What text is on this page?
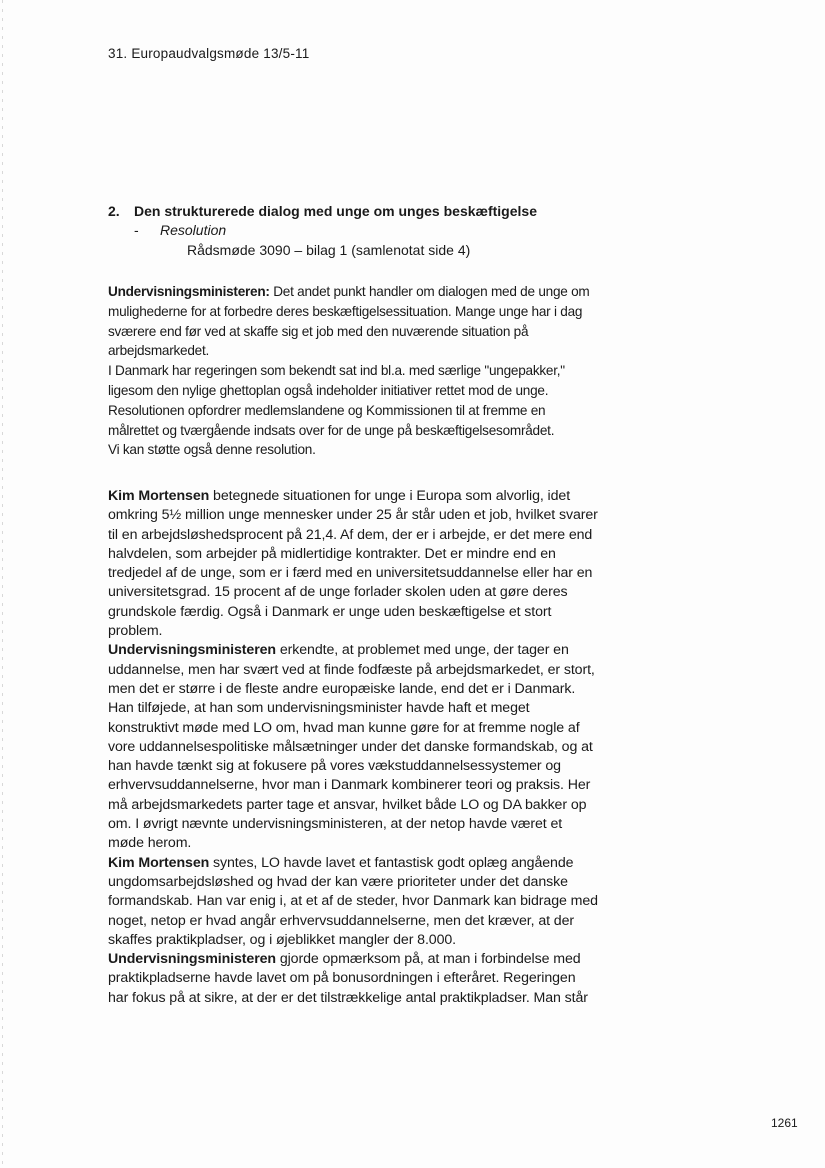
31. Europaudvalgsmøde 13/5-11
2. Den strukturerede dialog med unge om unges beskæftigelse
- Resolution
Rådsmøde 3090 – bilag 1 (samlenotat side 4)

Undervisningsministeren: Det andet punkt handler om dialogen med de unge om mulighederne for at forbedre deres beskæftigelsessituation. Mange unge har i dag sværere end før ved at skaffe sig et job med den nuværende situation på arbejdsmarkedet.

I Danmark har regeringen som bekendt sat ind bl.a. med særlige "ungepakker," ligesom den nylige ghettoplan også indeholder initiativer rettet mod de unge.

Resolutionen opfordrer medlemslandene og Kommissionen til at fremme en målrettet og tværgående indsats over for de unge på beskæftigelsesområdet.

Vi kan støtte også denne resolution.

Kim Mortensen betegnede situationen for unge i Europa som alvorlig, idet omkring 5½ million unge mennesker under 25 år står uden et job, hvilket svarer til en arbejdsløshedsprocent på 21,4. Af dem, der er i arbejde, er det mere end halvdelen, som arbejder på midlertidige kontrakter. Det er mindre end en tredjedel af de unge, som er i færd med en universitetsuddannelse eller har en universitetsgrad. 15 procent af de unge forlader skolen uden at gøre deres grundskole færdig. Også i Danmark er unge uden beskæftigelse et stort problem.

Undervisningsministeren erkendte, at problemet med unge, der tager en uddannelse, men har svært ved at finde fodfæste på arbejdsmarkedet, er stort, men det er større i de fleste andre europæiske lande, end det er i Danmark. Han tilføjede, at han som undervisningsminister havde haft et meget konstruktivt møde med LO om, hvad man kunne gøre for at fremme nogle af vore uddannelsespolitiske målsætninger under det danske formandskab, og at han havde tænkt sig at fokusere på vores vækstuddannelsessystemer og erhvervsuddannelserne, hvor man i Danmark kombinerer teori og praksis. Her må arbejdsmarkedets parter tage et ansvar, hvilket både LO og DA bakker op om. I øvrigt nævnte undervisningsministeren, at der netop havde været et møde herom.

Kim Mortensen syntes, LO havde lavet et fantastisk godt oplæg angående ungdomsarbejdsløshed og hvad der kan være prioriteter under det danske formandskab. Han var enig i, at et af de steder, hvor Danmark kan bidrage med noget, netop er hvad angår erhvervsuddannelserne, men det kræver, at der skaffes praktikpladser, og i øjeblikket mangler der 8.000.

Undervisningsministeren gjorde opmærksom på, at man i forbindelse med praktikpladserne havde lavet om på bonusordningen i efteråret. Regeringen har fokus på at sikre, at der er det tilstrækkelige antal praktikpladser. Man står

1261
